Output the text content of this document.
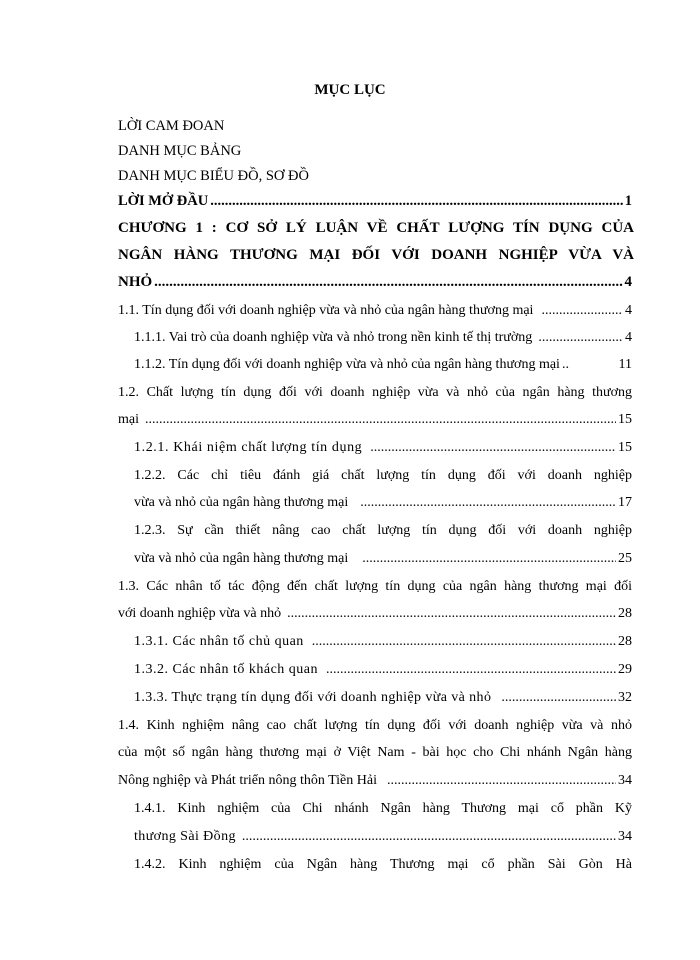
MỤC LỤC
LỜI CAM ĐOAN
DANH MỤC BẢNG
DANH MỤC BIỂU ĐỒ, SƠ ĐỒ
LỜI MỞ ĐẦU .....	1
CHƯƠNG 1 : CƠ SỞ LÝ LUẬN VỀ CHẤT LƯỢNG TÍN DỤNG CỦA
NGÂN HÀNG THƯƠNG MẠI ĐỐI VỚI DOANH NGHIỆP VỪA VÀ
NHỎ .....	4
1.1. Tín dụng đối với doanh nghiệp vừa và nhỏ của ngân hàng thương mại .....	4
1.1.1. Vai trò của doanh nghiệp vừa và nhỏ trong nền kinh tế thị trường .....	4
1.1.2. Tín dụng đối với doanh nghiệp vừa và nhỏ của ngân hàng thương mại .....	11
1.2. Chất lượng tín dụng đối với doanh nghiệp vừa và nhỏ của ngân hàng thương
mại .....	15
1.2.1. Khái niệm chất lượng tín dụng .....	15
1.2.2. Các chỉ tiêu đánh giá chất lượng tín dụng đối với doanh nghiệp
vừa và nhỏ của ngân hàng thương mại .....	17
1.2.3. Sự cần thiết nâng cao chất lượng tín dụng đối với doanh nghiệp
vừa và nhỏ của ngân hàng thương mại .....	25
1.3. Các nhân tố tác động đến chất lượng tín dụng của ngân hàng thương mại đối
với doanh nghiệp vừa và nhỏ .....	28
1.3.1. Các nhân tố chủ quan .....	28
1.3.2. Các nhân tố khách quan .....	29
1.3.3. Thực trạng tín dụng đối với doanh nghiệp vừa và nhỏ .....	32
1.4. Kinh nghiệm nâng cao chất lượng tín dụng đối với doanh nghiệp vừa và nhỏ
của một số ngân hàng thương mại ở Việt Nam - bài học cho Chi nhánh Ngân hàng
Nông nghiệp và Phát triển nông thôn Tiền Hải .....	34
1.4.1. Kinh nghiệm của Chi nhánh Ngân hàng Thương mại cổ phần Kỹ
thương Sài Đồng .....	34
1.4.2. Kinh nghiệm của Ngân hàng Thương mại cổ phần Sài Gòn Hà
